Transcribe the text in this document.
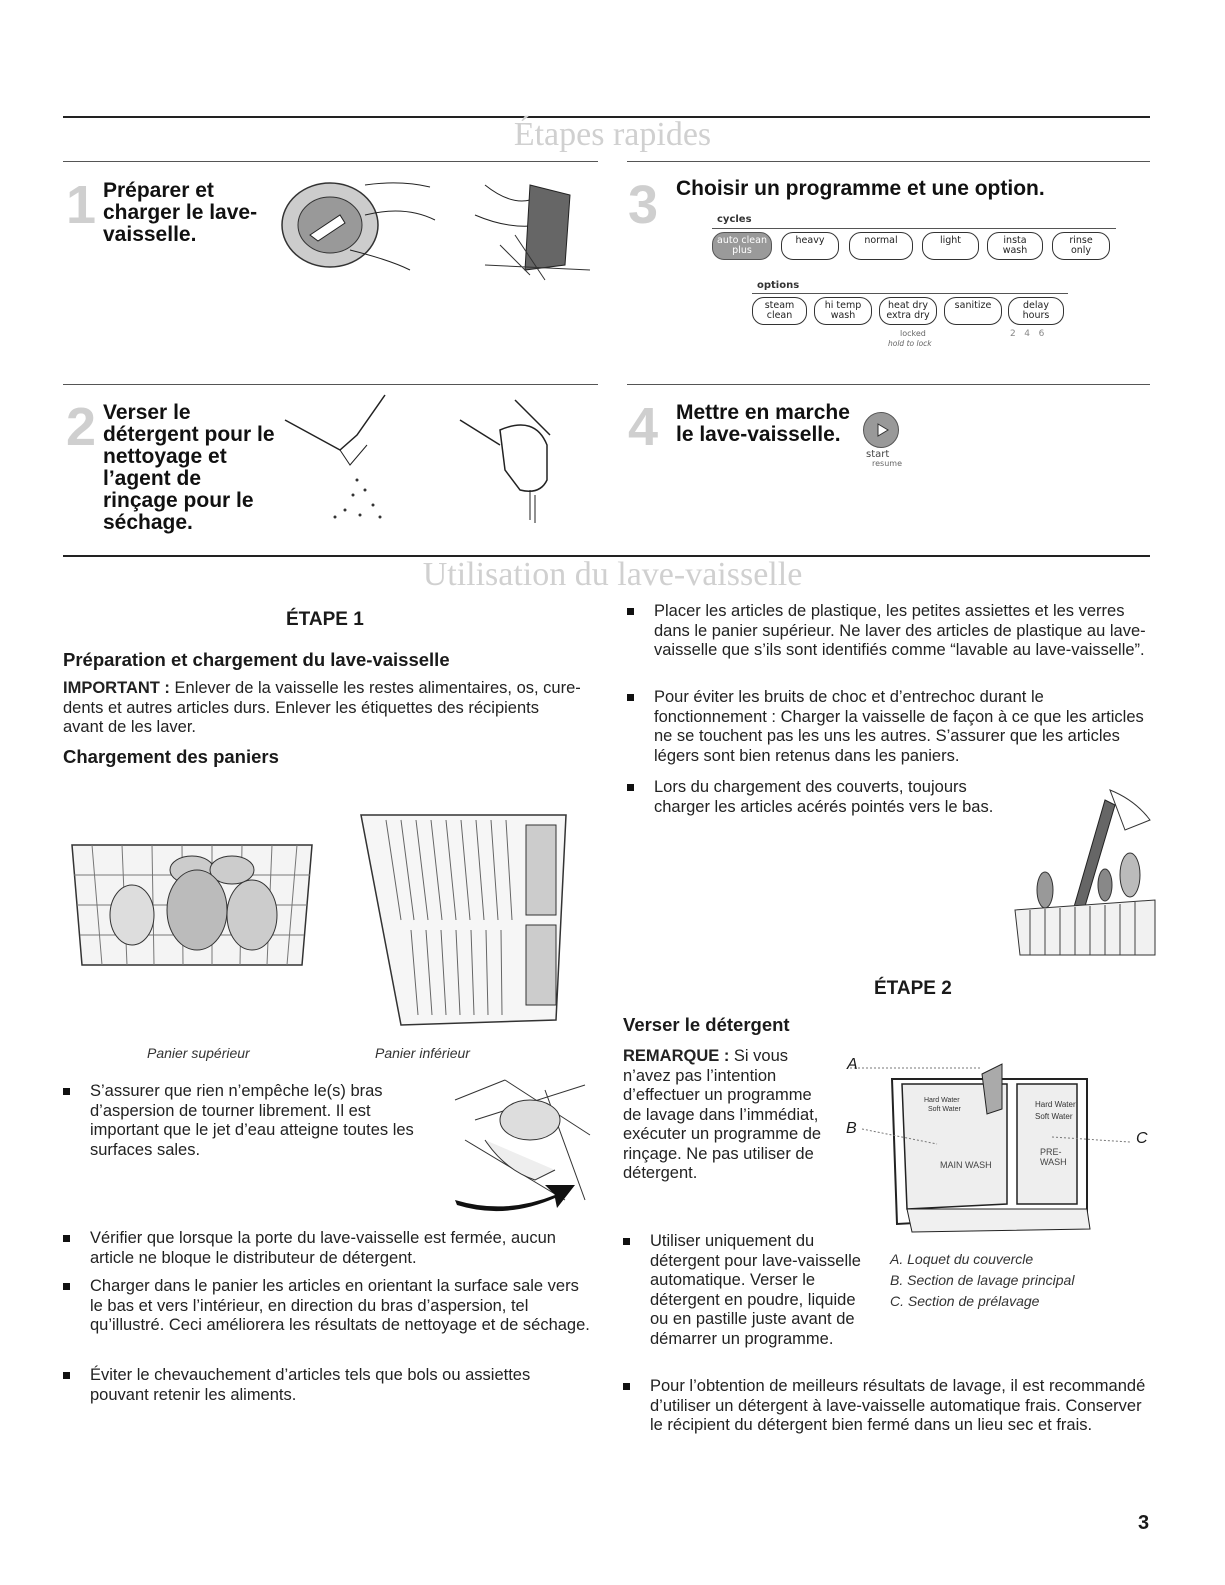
Étapes rapides
1 Préparer et
charger le lave-
vaisselle.	3 Choisir un programme et une option.
cycles
auto clean
plus
heavy	normal	light	insta
wash
rinse
only
options
steam
clean
hi temp
wash
heat dry
extra dry
sanitize	delay
hours
locked
hold to lock
2   4   6
2 Verser le
détergent pour le
nettoyage et
l’agent de
rinçage pour le
séchage.
4 Mettre en marche
le lave-vaisselle.
start
resume
Utilisation du lave-vaisselle
ÉTAPE 1
Préparation et chargement du lave-vaisselle
IMPORTANT : Enlever de la vaisselle les restes alimentaires, os, cure-dents et autres articles durs. Enlever les étiquettes des récipients avant de les laver.
Chargement des paniers
Panier supérieur	Panier inférieur
S’assurer que rien n’empêche le(s) bras d’aspersion de tourner librement. Il est important que le jet d’eau atteigne toutes les surfaces sales.
Vérifier que lorsque la porte du lave-vaisselle est fermée, aucun article ne bloque le distributeur de détergent.
Charger dans le panier les articles en orientant la surface sale vers le bas et vers l’intérieur, en direction du bras d’aspersion, tel qu’illustré. Ceci améliorera les résultats de nettoyage et de séchage.
Éviter le chevauchement d’articles tels que bols ou assiettes pouvant retenir les aliments.
Placer les articles de plastique, les petites assiettes et les verres dans le panier supérieur. Ne laver des articles de plastique au lave-vaisselle que s’ils sont identifiés comme “lavable au lave-vaisselle”.
Pour éviter les bruits de choc et d’entrechoc durant le fonctionnement : Charger la vaisselle de façon à ce que les articles ne se touchent pas les uns les autres. S’assurer que les articles légers sont bien retenus dans les paniers.
Lors du chargement des couverts, toujours charger les articles acérés pointés vers le bas.
ÉTAPE 2
Verser le détergent
REMARQUE : Si vous n’avez pas l’intention d’effectuer un programme de lavage dans l’immédiat, exécuter un programme de rinçage. Ne pas utiliser de détergent.
A
B
C
Hard Water
Soft Water
Hard Water
Soft Water
MAIN WASH
PRE-
WASH
A. Loquet du couvercle
B. Section de lavage principal
C. Section de prélavage
Utiliser uniquement du détergent pour lave-vaisselle automatique. Verser le détergent en poudre, liquide ou en pastille juste avant de démarrer un programme.
Pour l’obtention de meilleurs résultats de lavage, il est recommandé d’utiliser un détergent à lave-vaisselle automatique frais. Conserver le récipient du détergent bien fermé dans un lieu sec et frais.
3
